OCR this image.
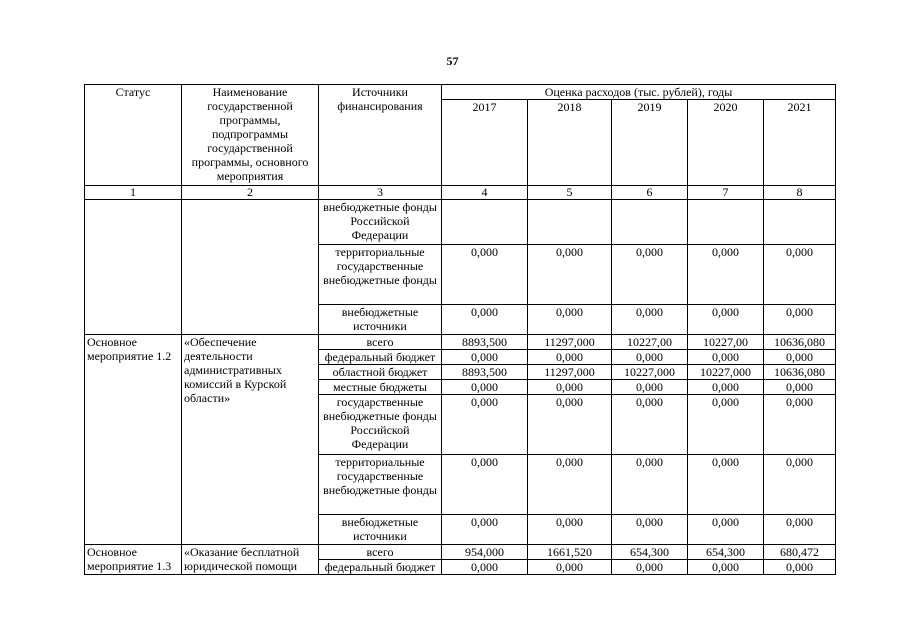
57
Статус	Наименование государственной программы, подпрограммы государственной программы, основного мероприятия	Источники финансирования	Оценка расходов (тыс. рублей), годы				
			2017	2018	2019	2020	2021
1	2	3	4	5	6	7	8
		внебюджетные фонды Российской Федерации					
		территориальные государственные внебюджетные фонды	0,000	0,000	0,000	0,000	0,000
		внебюджетные источники	0,000	0,000	0,000	0,000	0,000
Основное мероприятие 1.2	«Обеспечение деятельности административных комиссий в Курской области»	всего	8893,500	11297,000	10227,00	10227,00	10636,080
		федеральный бюджет	0,000	0,000	0,000	0,000	0,000
		областной бюджет	8893,500	11297,000	10227,000	10227,000	10636,080
		местные бюджеты	0,000	0,000	0,000	0,000	0,000
		государственные внебюджетные фонды Российской Федерации	0,000	0,000	0,000	0,000	0,000
		территориальные государственные внебюджетные фонды	0,000	0,000	0,000	0,000	0,000
		внебюджетные источники	0,000	0,000	0,000	0,000	0,000
Основное мероприятие 1.3	«Оказание бесплатной юридической помощи	всего	954,000	1661,520	654,300	654,300	680,472
		федеральный бюджет	0,000	0,000	0,000	0,000	0,000
